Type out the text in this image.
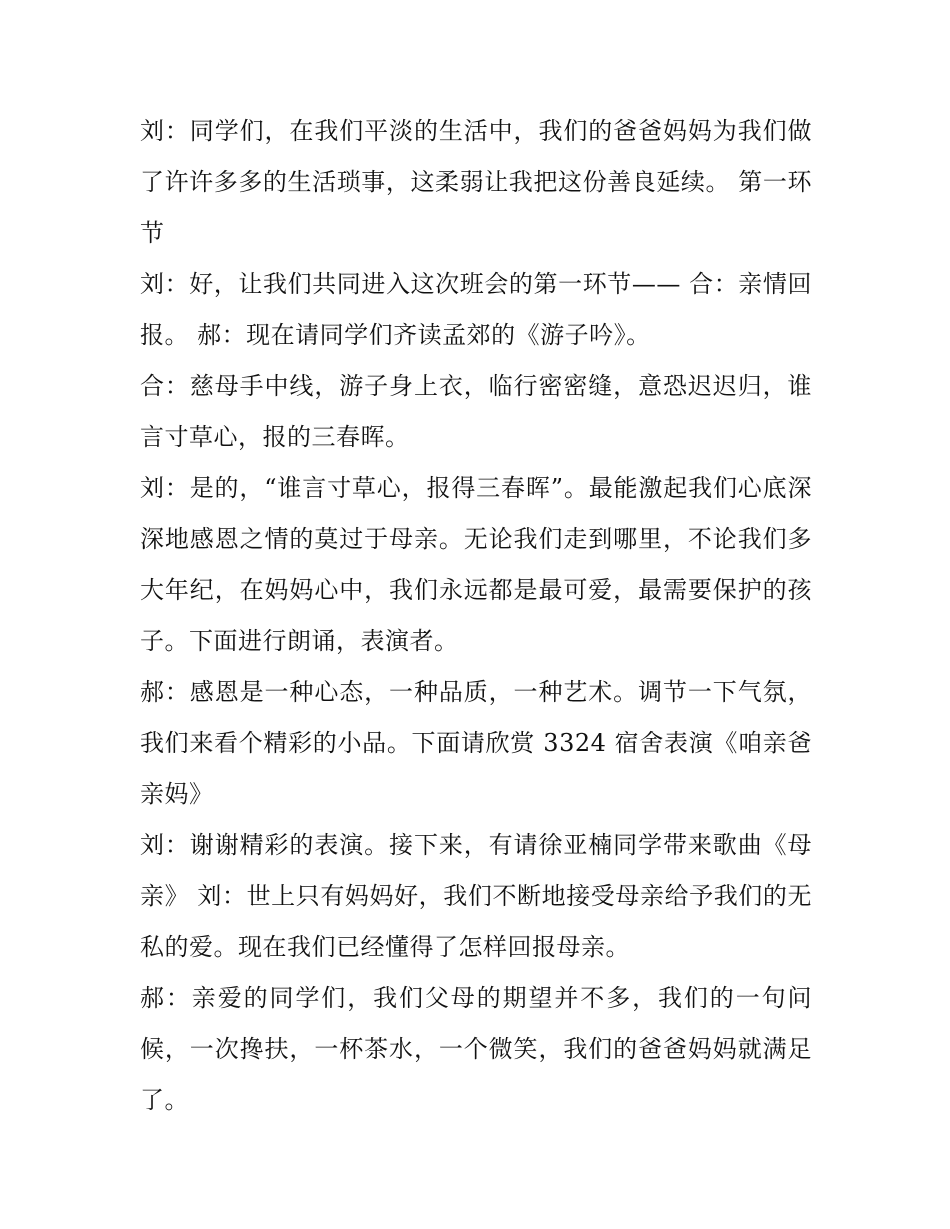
刘：同学们，在我们平淡的生活中，我们的爸爸妈妈为我们做了许许多多的生活琐事，这柔弱让我把这份善良延续。 第一环节

刘：好，让我们共同进入这次班会的第一环节—— 合：亲情回报。 郝：现在请同学们齐读孟郊的《游子吟》。

合：慈母手中线，游子身上衣，临行密密缝，意恐迟迟归，谁言寸草心，报的三春晖。

刘：是的，“谁言寸草心，报得三春晖”。最能激起我们心底深深地感恩之情的莫过于母亲。无论我们走到哪里，不论我们多大年纪，在妈妈心中，我们永远都是最可爱，最需要保护的孩子。下面进行朗诵，表演者。

郝：感恩是一种心态，一种品质，一种艺术。调节一下气氛，我们来看个精彩的小品。下面请欣赏 3324 宿舍表演《咱亲爸亲妈》

刘：谢谢精彩的表演。接下来，有请徐亚楠同学带来歌曲《母亲》 刘：世上只有妈妈好，我们不断地接受母亲给予我们的无私的爱。现在我们已经懂得了怎样回报母亲。

郝：亲爱的同学们，我们父母的期望并不多，我们的一句问候，一次搀扶，一杯茶水，一个微笑，我们的爸爸妈妈就满足了。
